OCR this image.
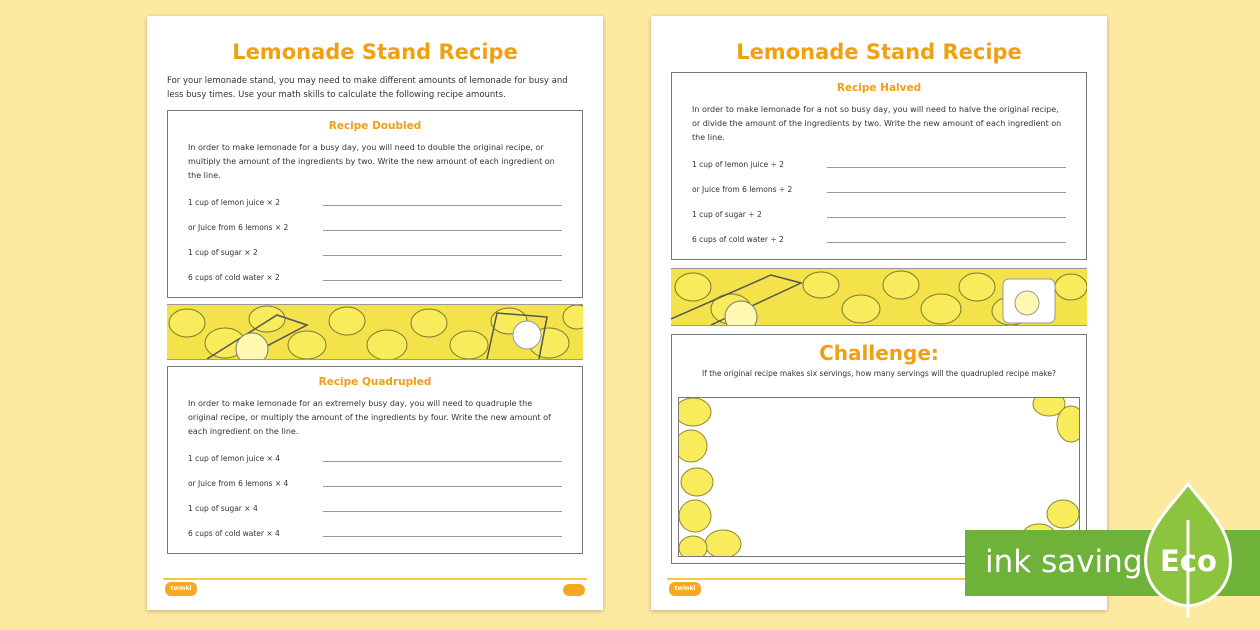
Lemonade Stand Recipe
For your lemonade stand, you may need to make different amounts of lemonade for busy and less busy times. Use your math skills to calculate the following recipe amounts.
Recipe Doubled
In order to make lemonade for a busy day, you will need to double the original recipe, or multiply the amount of the ingredients by two. Write the new amount of each ingredient on the line.
1 cup of lemon juice × 2
or Juice from 6 lemons × 2
1 cup of sugar × 2
6 cups of cold water × 2
Recipe Quadrupled
In order to make lemonade for an extremely busy day, you will need to quadruple the original recipe, or multiply the amount of the ingredients by four. Write the new amount of each ingredient on the line.
1 cup of lemon juice × 4
or Juice from 6 lemons × 4
1 cup of sugar × 4
6 cups of cold water × 4
twinkl
Lemonade Stand Recipe
Recipe Halved
In order to make lemonade for a not so busy day, you will need to halve the original recipe, or divide the amount of the ingredients by two. Write the new amount of each ingredient on the line.
1 cup of lemon juice ÷ 2
or Juice from 6 lemons ÷ 2
1 cup of sugar ÷ 2
6 cups of cold water ÷ 2
Challenge:
If the original recipe makes six servings, how many servings will the quadrupled recipe make?
twinkl
ink saving Eco
